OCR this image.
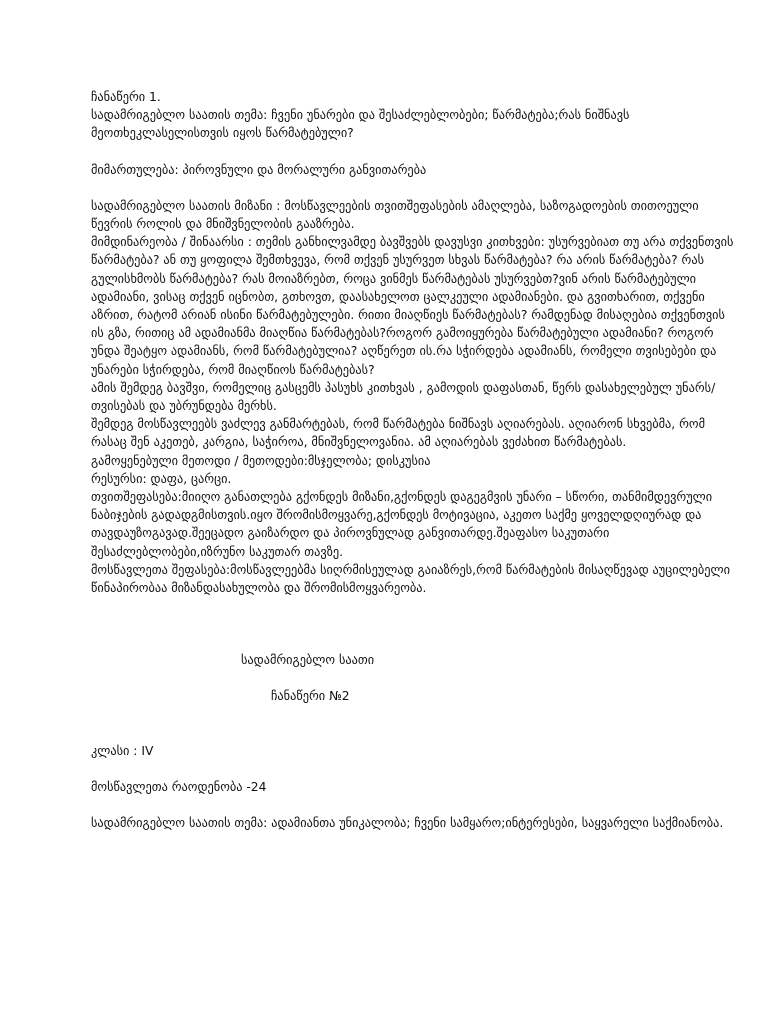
ჩანაწერი 1.

სადამრიგებლო საათის თემა: ჩვენი უნარები და შესაძლებლობები; წარმატება;რას ნიშნავს მეოთხეკლასელისთვის იყოს წარმატებული?

მიმართულება: პიროვნული და მორალური განვითარება

სადამრიგებლო საათის მიზანი : მოსწავლეების თვითშეფასების ამაღლება, საზოგადოების თითოეული წევრის როლის და მნიშვნელობის გააზრება.

მიმდინარეობა / შინაარსი : თემის განხილვამდე ბავშვებს დავუსვი კითხვები: უსურვებიათ თუ არა თქვენთვის წარმატება? ან თუ ყოფილა შემთხვევა, რომ თქვენ უსურვეთ სხვას წარმატება? რა არის წარმატება? რას გულისხმობს წარმატება? რას მოიაზრებთ, როცა ვინმეს წარმატებას უსურვებთ?ვინ არის წარმატებული ადამიანი, ვისაც თქვენ იცნობთ, გთხოვთ, დაასახელოთ ცალკეული ადამიანები. და გვითხარით, თქვენი აზრით, რატომ არიან ისინი წარმატებულები. რითი მიაღწიეს წარმატებას? რამდენად მისაღებია თქვენთვის ის გზა, რითიც ამ ადამიანმა მიაღწია წარმატებას?როგორ გამოიყურება წარმატებული ადამიანი? როგორ უნდა შეატყო ადამიანს, რომ წარმატებულია? აღწერეთ ის.რა სჭირდება ადამიანს, რომელი თვისებები და უნარები სჭირდება, რომ მიაღწიოს წარმატებას?

ამის შემდეგ ბავშვი, რომელიც გასცემს პასუხს კითხვას , გამოდის დაფასთან, წერს დასახელებულ უნარს/თვისებას და უბრუნდება მერხს.

შემდეგ მოსწავლეებს ვაძლევ განმარტებას, რომ წარმატება ნიშნავს აღიარებას. აღიარონ სხვებმა, რომ რასაც შენ აკეთებ, კარგია, საჭიროა, მნიშვნელოვანია. ამ აღიარებას ვეძახით წარმატებას.

გამოყენებული მეთოდი / მეთოდები:მსჯელობა; დისკუსია

რესურსი: დაფა, ცარცი.

თვითშეფასება:მიიღო განათლება გქონდეს მიზანი,გქონდეს დაგეგმვის უნარი – სწორი, თანმიმდევრული ნაბიჯების გადადგმისთვის.იყო შრომისმოყვარე,გქონდეს მოტივაცია, აკეთო საქმე ყოველდღიურად და თავდაუზოგავად.შეეცადო გაიზარდო და პიროვნულად განვითარდე.შეაფასო საკუთარი შესაძლებლობები,იზრუნო საკუთარ თავზე.

მოსწავლეთა შეფასება:მოსწავლეებმა სიღრმისეულად გაიაზრეს,რომ წარმატების მისაღწევად აუცილებელი წინაპირობაა მიზანდასახულობა და შრომისმოყვარეობა.

სადამრიგებლო საათი

ჩანაწერი №2

კლასი : IV

მოსწავლეთა რაოდენობა -24

სადამრიგებლო საათის თემა: ადამიანთა უნიკალობა; ჩვენი სამყარო;ინტერესები, საყვარელი საქმიანობა.
